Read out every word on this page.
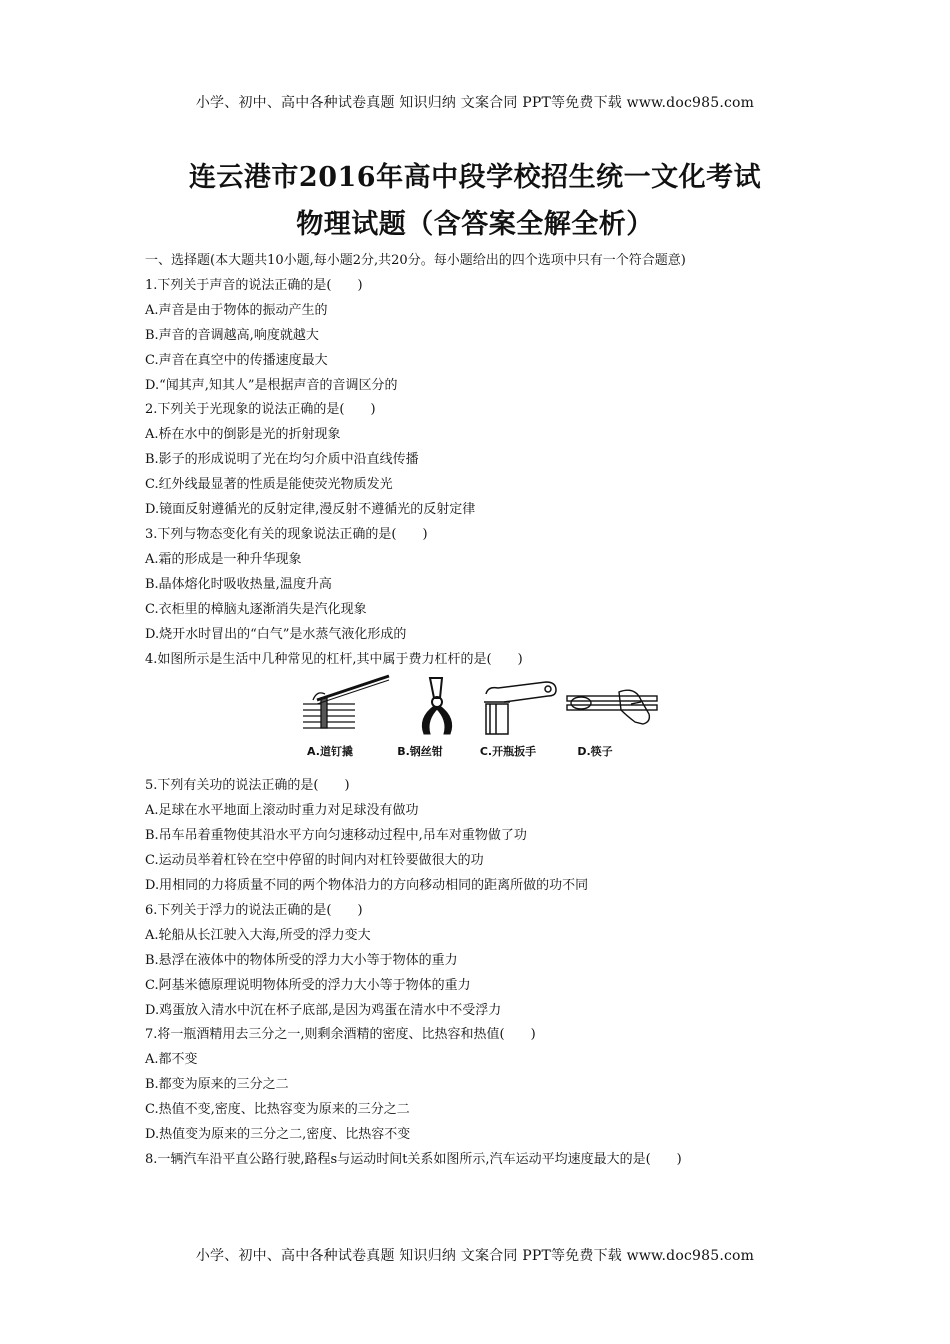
小学、初中、高中各种试卷真题 知识归纳 文案合同 PPT等免费下载 www.doc985.com
连云港市2016年高中段学校招生统一文化考试
物理试题（含答案全解全析）
一、选择题(本大题共10小题,每小题2分,共20分。每小题给出的四个选项中只有一个符合题意)
1.下列关于声音的说法正确的是(　　)
A.声音是由于物体的振动产生的
B.声音的音调越高,响度就越大
C.声音在真空中的传播速度最大
D.“闻其声,知其人”是根据声音的音调区分的
2.下列关于光现象的说法正确的是(　　)
A.桥在水中的倒影是光的折射现象
B.影子的形成说明了光在均匀介质中沿直线传播
C.红外线最显著的性质是能使荧光物质发光
D.镜面反射遵循光的反射定律,漫反射不遵循光的反射定律
3.下列与物态变化有关的现象说法正确的是(　　)
A.霜的形成是一种升华现象
B.晶体熔化时吸收热量,温度升高
C.衣柜里的樟脑丸逐渐消失是汽化现象
D.烧开水时冒出的“白气”是水蒸气液化形成的
4.如图所示是生活中几种常见的杠杆,其中属于费力杠杆的是(　　)
A.道钉撬	B.钢丝钳	C.开瓶扳手	D.筷子
5.下列有关功的说法正确的是(　　)
A.足球在水平地面上滚动时重力对足球没有做功
B.吊车吊着重物使其沿水平方向匀速移动过程中,吊车对重物做了功
C.运动员举着杠铃在空中停留的时间内对杠铃要做很大的功
D.用相同的力将质量不同的两个物体沿力的方向移动相同的距离所做的功不同
6.下列关于浮力的说法正确的是(　　)
A.轮船从长江驶入大海,所受的浮力变大
B.悬浮在液体中的物体所受的浮力大小等于物体的重力
C.阿基米德原理说明物体所受的浮力大小等于物体的重力
D.鸡蛋放入清水中沉在杯子底部,是因为鸡蛋在清水中不受浮力
7.将一瓶酒精用去三分之一,则剩余酒精的密度、比热容和热值(　　)
A.都不变
B.都变为原来的三分之二
C.热值不变,密度、比热容变为原来的三分之二
D.热值变为原来的三分之二,密度、比热容不变
8.一辆汽车沿平直公路行驶,路程s与运动时间t关系如图所示,汽车运动平均速度最大的是(　　)
小学、初中、高中各种试卷真题 知识归纳 文案合同 PPT等免费下载 www.doc985.com
